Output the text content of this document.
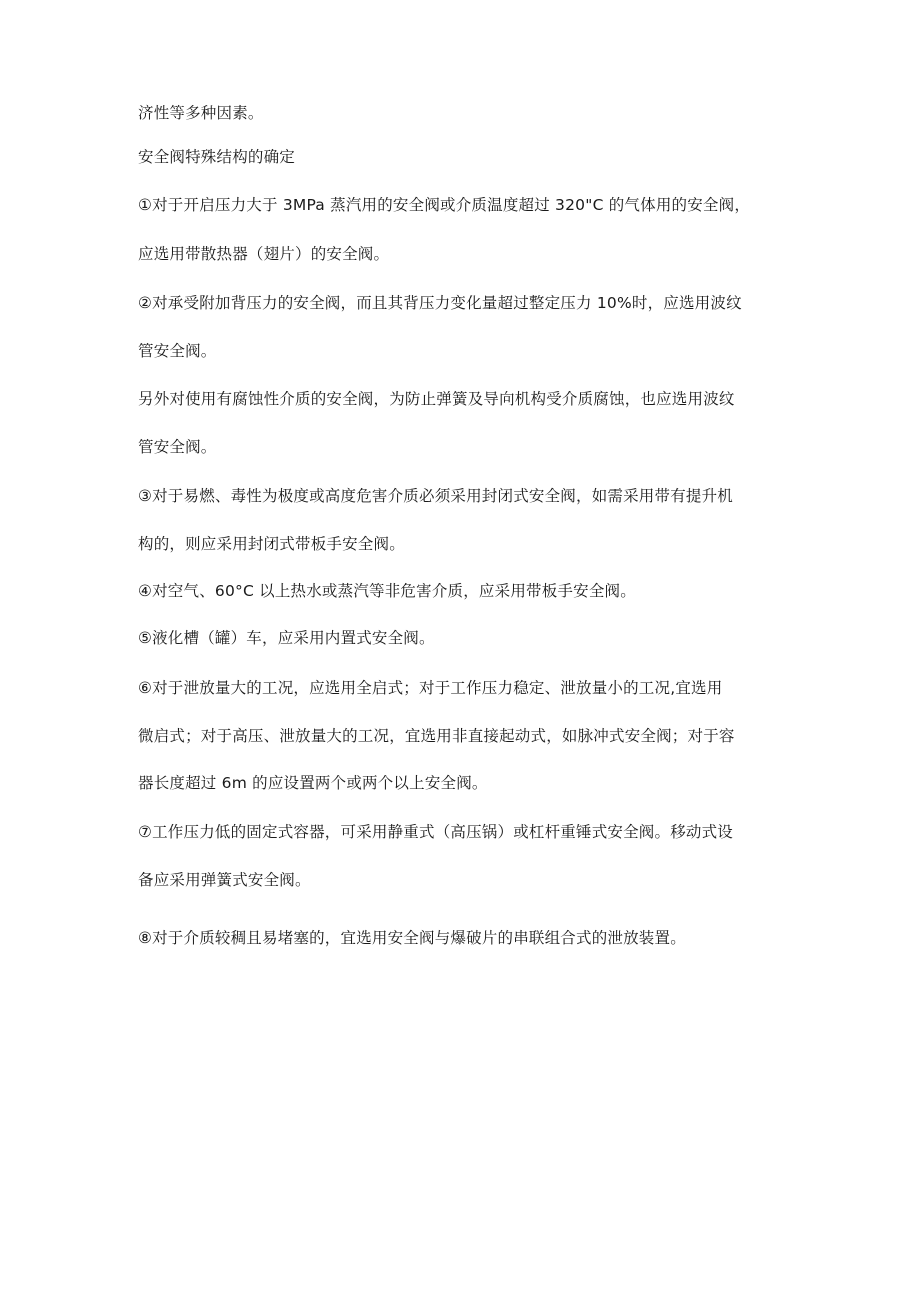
济性等多种因素。
安全阀特殊结构的确定
①对于开启压力大于 3MPa 蒸汽用的安全阀或介质温度超过 320"C 的气体用的安全阀，
应选用带散热器（翅片）的安全阀。
②对承受附加背压力的安全阀，而且其背压力变化量超过整定压力 10%时，应选用波纹
管安全阀。
另外对使用有腐蚀性介质的安全阀，为防止弹簧及导向机构受介质腐蚀，也应选用波纹
管安全阀。
③对于易燃、毒性为极度或高度危害介质必须采用封闭式安全阀，如需采用带有提升机
构的，则应采用封闭式带板手安全阀。
④对空气、60°C 以上热水或蒸汽等非危害介质，应采用带板手安全阀。
⑤液化槽（罐）车，应采用内置式安全阀。
⑥对于泄放量大的工况，应选用全启式；对于工作压力稳定、泄放量小的工况,宜选用
微启式；对于高压、泄放量大的工况，宜选用非直接起动式，如脉冲式安全阀；对于容
器长度超过 6m 的应设置两个或两个以上安全阀。
⑦工作压力低的固定式容器，可采用静重式（高压锅）或杠杆重锤式安全阀。移动式设
备应采用弹簧式安全阀。
⑧对于介质较稠且易堵塞的，宜选用安全阀与爆破片的串联组合式的泄放装置。
